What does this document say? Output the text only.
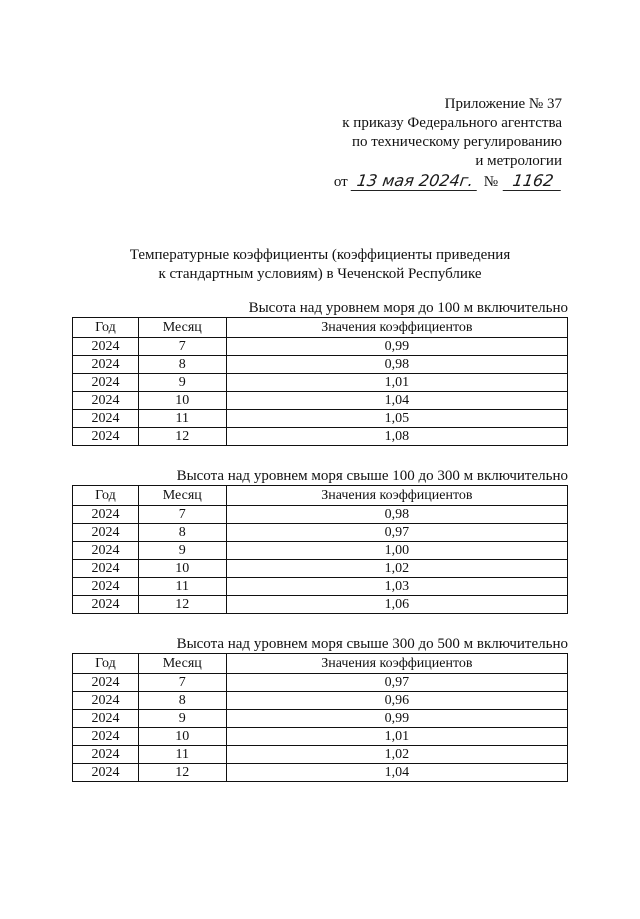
Приложение № 37
к приказу Федерального агентства
по техническому регулированию
и метрологии
от 13 мая 2024г. № 1162
Температурные коэффициенты (коэффициенты приведения
к стандартным условиям) в Чеченской Республике
Высота над уровнем моря до 100 м включительно
Год	Месяц	Значения коэффициентов
2024	7	0,99
2024	8	0,98
2024	9	1,01
2024	10	1,04
2024	11	1,05
2024	12	1,08
Высота над уровнем моря свыше 100 до 300 м включительно
Год	Месяц	Значения коэффициентов
2024	7	0,98
2024	8	0,97
2024	9	1,00
2024	10	1,02
2024	11	1,03
2024	12	1,06
Высота над уровнем моря свыше 300 до 500 м включительно
Год	Месяц	Значения коэффициентов
2024	7	0,97
2024	8	0,96
2024	9	0,99
2024	10	1,01
2024	11	1,02
2024	12	1,04
